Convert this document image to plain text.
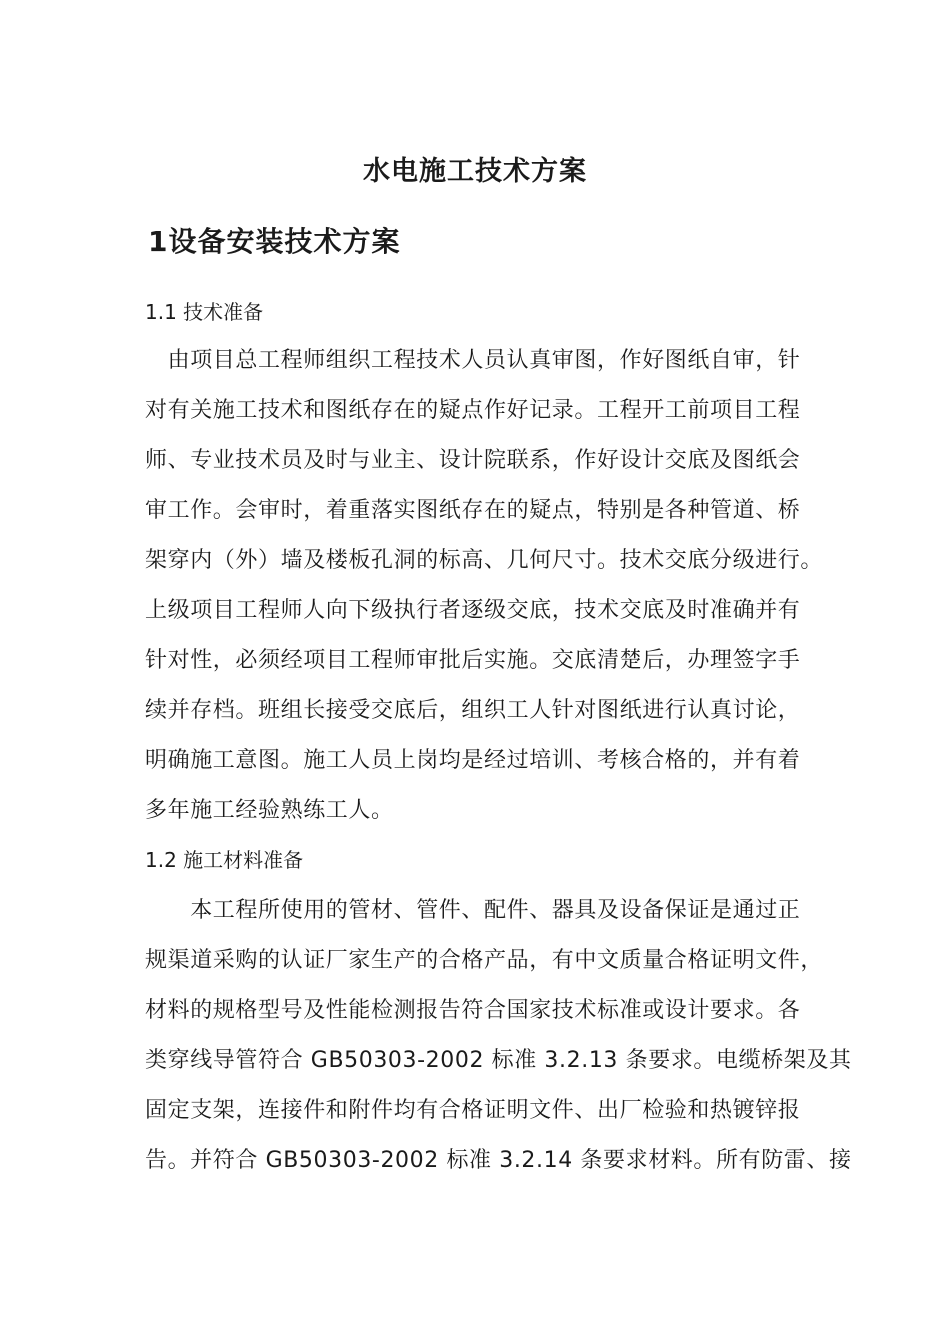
水电施工技术方案
1设备安装技术方案
1.1 技术准备
　由项目总工程师组织工程技术人员认真审图，作好图纸自审，针
对有关施工技术和图纸存在的疑点作好记录。工程开工前项目工程
师、专业技术员及时与业主、设计院联系，作好设计交底及图纸会
审工作。会审时，着重落实图纸存在的疑点，特别是各种管道、桥
架穿内（外）墙及楼板孔洞的标高、几何尺寸。技术交底分级进行。
上级项目工程师人向下级执行者逐级交底，技术交底及时准确并有
针对性，必须经项目工程师审批后实施。交底清楚后，办理签字手
续并存档。班组长接受交底后，组织工人针对图纸进行认真讨论，
明确施工意图。施工人员上岗均是经过培训、考核合格的，并有着
多年施工经验熟练工人。
1.2 施工材料准备
　　本工程所使用的管材、管件、配件、器具及设备保证是通过正
规渠道采购的认证厂家生产的合格产品，有中文质量合格证明文件，
材料的规格型号及性能检测报告符合国家技术标准或设计要求。各
类穿线导管符合 GB50303-2002 标准 3.2.13 条要求。电缆桥架及其
固定支架，连接件和附件均有合格证明文件、出厂检验和热镀锌报
告。并符合 GB50303-2002 标准 3.2.14 条要求材料。所有防雷、接
